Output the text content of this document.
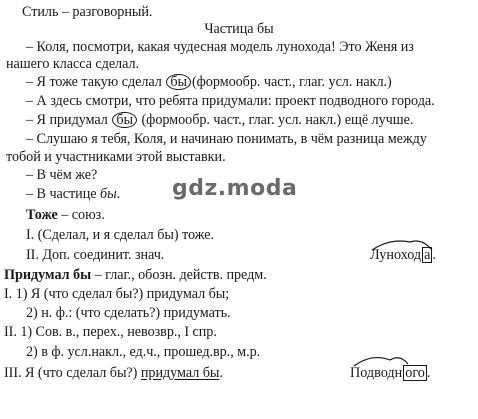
Стиль – разговорный.
Частица бы
– Коля, посмотри, какая чудесная модель лунохода! Это Женя из
нашего класса сделал.
– Я тоже такую сделал бы (формообр. част., глаг. усл. накл.)
– А здесь смотри, что ребята придумали: проект подводного города.
– Я придумал бы (формообр. част., глаг. усл. накл.) ещё лучше.
– Слушаю я тебя, Коля, и начинаю понимать, в чём разница между
тобой и участниками этой выставки.
– В чём же?
– В частице бы. gdz.moda
Тоже – союз.
I. (Сделал, и я сделал бы) тоже.
II. Доп. соединит. знач.	Луноход а .
Придумал бы – глаг., обозн. действ. предм.
I. 1) Я (что сделал бы?) придумал бы;
2) н. ф.: (что сделать?) придумать.
II. 1) Сов. в., перех., невозвр., I спр.
2) в ф. усл.накл., ед.ч., прошед.вр., м.р.
III. Я (что сделал бы?) придумал бы.	Подводн ого .
